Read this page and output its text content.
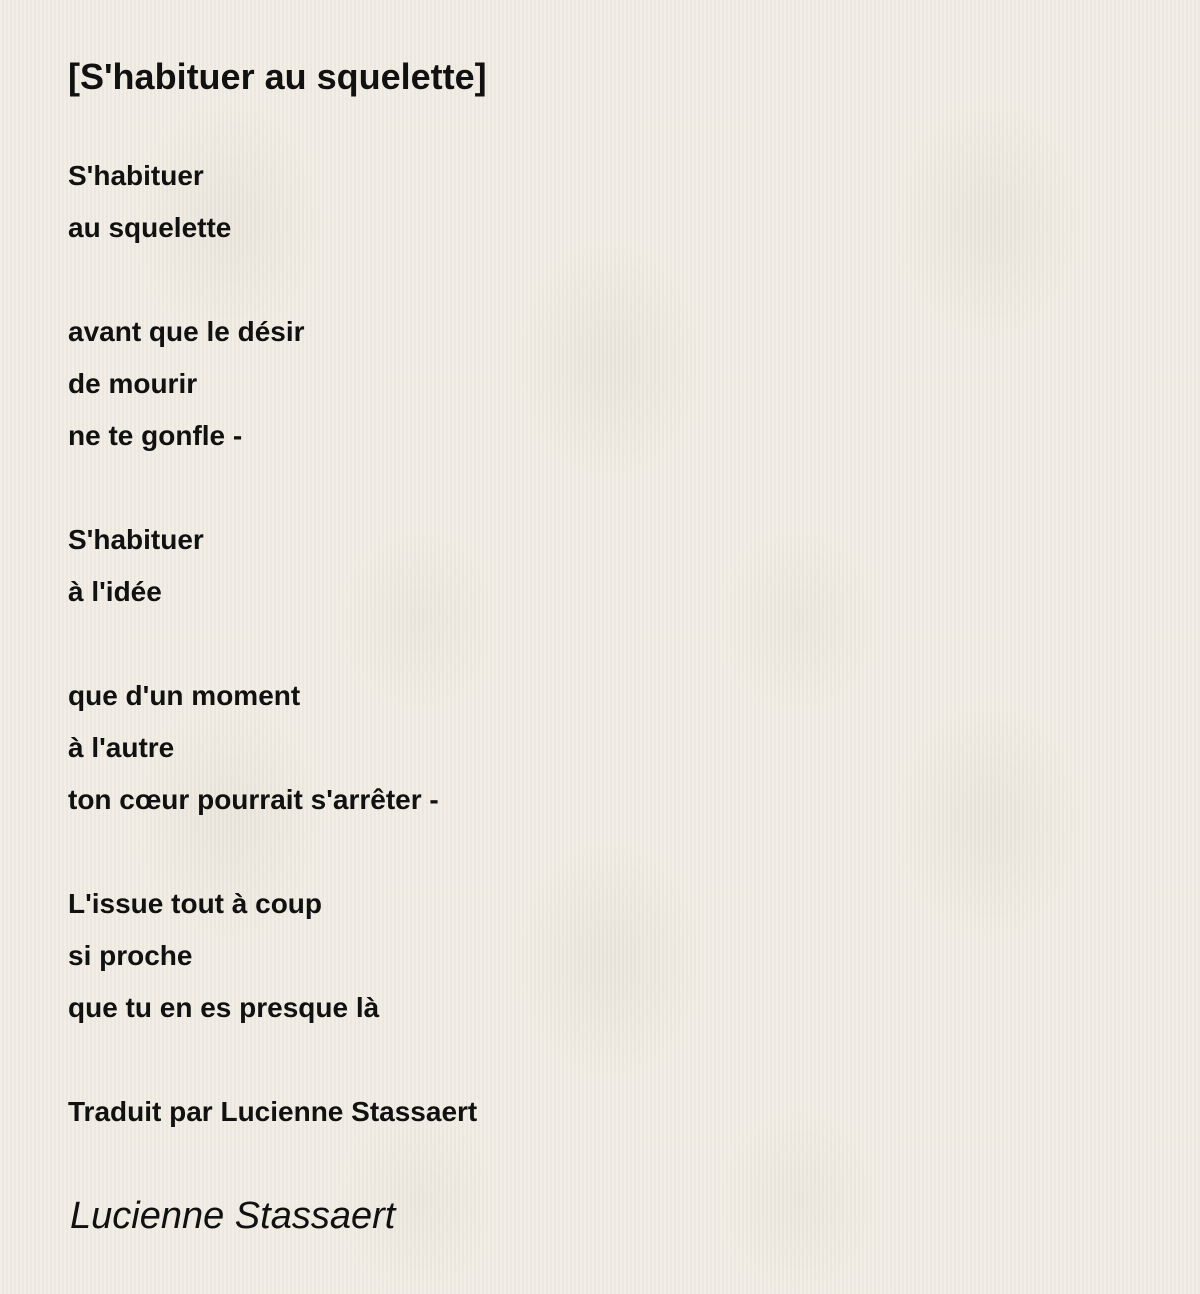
[S'habituer au squelette]

S'habituer
au squelette

avant que le désir
de mourir
ne te gonfle -

S'habituer
à l'idée

que d'un moment
à l'autre
ton cœur pourrait s'arrêter -

L'issue tout à coup
si proche
que tu en es presque là

Traduit par Lucienne Stassaert
Lucienne Stassaert
